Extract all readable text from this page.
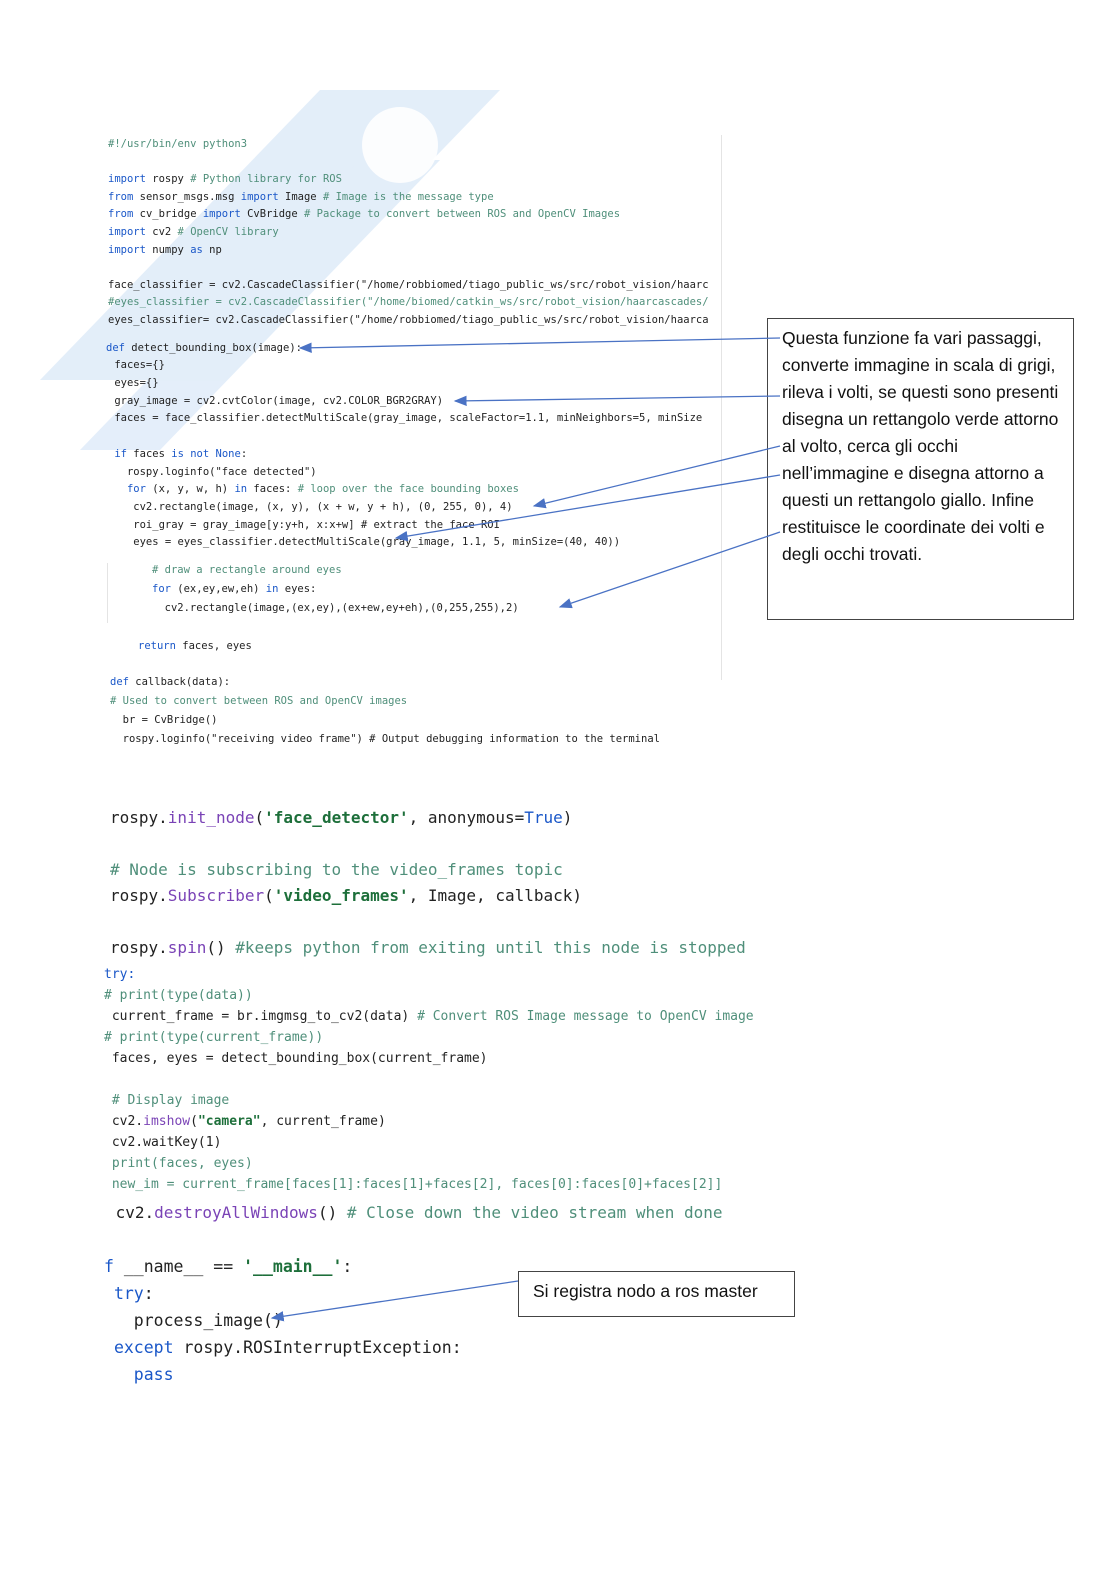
#!/usr/bin/env python3

import rospy # Python library for ROS

from sensor_msgs.msg import Image # Image is the message type

from cv_bridge import CvBridge # Package to convert between ROS and OpenCV Images

import cv2 # OpenCV library

import numpy as np

face_classifier = cv2.CascadeClassifier("/home/robbiomed/tiago_public_ws/src/robot_vision/haarc

#eyes_classifier = cv2.CascadeClassifier("/home/biomed/catkin_ws/src/robot_vision/haarcascades/

eyes_classifier= cv2.CascadeClassifier("/home/robbiomed/tiago_public_ws/src/robot_vision/haarca

def detect_bounding_box(image):

faces={}

eyes={}

gray_image = cv2.cvtColor(image, cv2.COLOR_BGR2GRAY)

faces = face_classifier.detectMultiScale(gray_image, scaleFactor=1.1, minNeighbors=5, minSize

if faces is not None:

rospy.loginfo("face detected")

for (x, y, w, h) in faces: # loop over the face bounding boxes

cv2.rectangle(image, (x, y), (x + w, y + h), (0, 255, 0), 4)

roi_gray = gray_image[y:y+h, x:x+w] # extract the face ROI

eyes = eyes_classifier.detectMultiScale(gray_image, 1.1, 5, minSize=(40, 40))

# draw a rectangle around eyes

for (ex,ey,ew,eh) in eyes:

cv2.rectangle(image,(ex,ey),(ex+ew,ey+eh),(0,255,255),2)

return faces, eyes

def callback(data):

# Used to convert between ROS and OpenCV images

br = CvBridge()

rospy.loginfo("receiving video frame") # Output debugging information to the terminal

rospy.init_node('face_detector', anonymous=True)

# Node is subscribing to the video_frames topic

rospy.Subscriber('video_frames', Image, callback)

rospy.spin() #keeps python from exiting until this node is stopped

try:

# print(type(data))

current_frame = br.imgmsg_to_cv2(data) # Convert ROS Image message to OpenCV image

# print(type(current_frame))

faces, eyes = detect_bounding_box(current_frame)

# Display image

cv2.imshow("camera", current_frame)

cv2.waitKey(1)

print(faces, eyes)

new_im = current_frame[faces[1]:faces[1]+faces[2], faces[0]:faces[0]+faces[2]]

cv2.destroyAllWindows() # Close down the video stream when done

f __name__ == '__main__':

try:

process_image()

except rospy.ROSInterruptException:

pass

Questa funzione fa vari passaggi, converte immagine in scala di grigi, rileva i volti, se questi sono presenti disegna un rettangolo verde attorno al volto, cerca gli occhi nell’immagine e disegna attorno a questi un rettangolo giallo. Infine restituisce le coordinate dei volti e degli occhi trovati.

Si registra nodo a ros master
